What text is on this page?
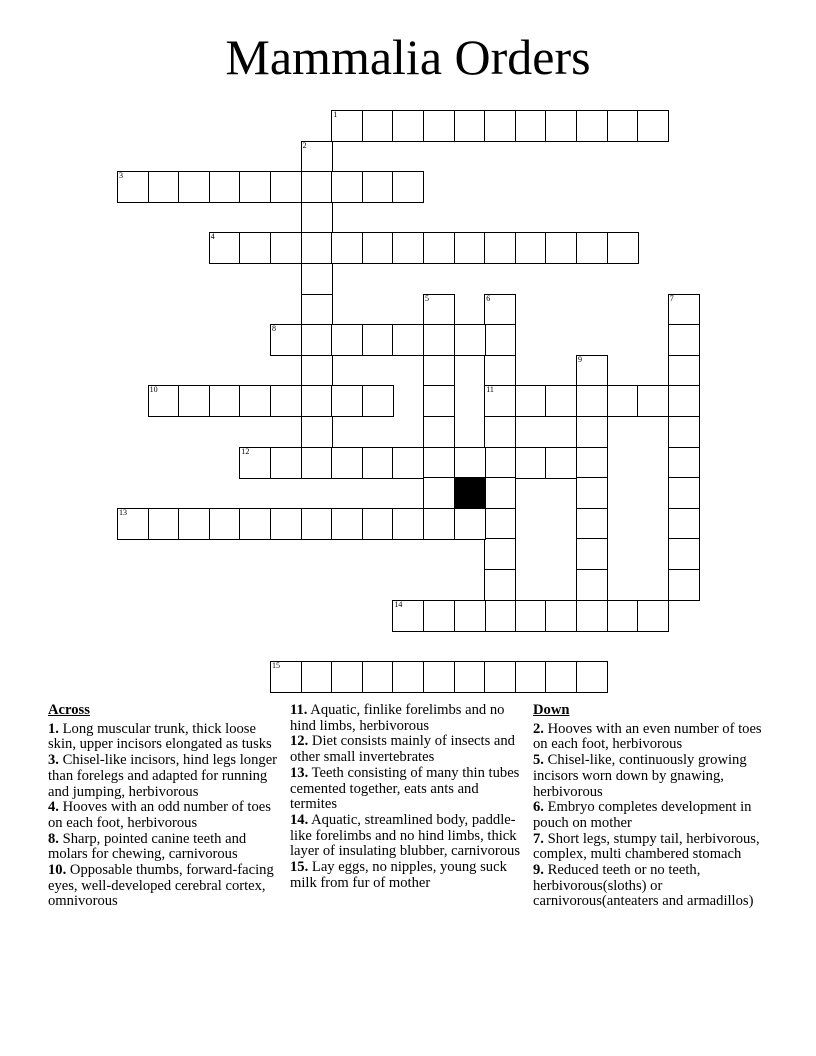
Mammalia Orders
1
2
3
4
5	6
11
7
8
9
10
12
13
14
15
Across

1. Long muscular trunk, thick loose skin, upper incisors elongated as tusks

3. Chisel-like incisors, hind legs longer than forelegs and adapted for running and jumping, herbivorous

4. Hooves with an odd number of toes on each foot, herbivorous

8. Sharp, pointed canine teeth and molars for chewing, carnivorous

10. Opposable thumbs, forward-facing eyes, well-developed cerebral cortex, omnivorous

11. Aquatic, finlike forelimbs and no hind limbs, herbivorous

12. Diet consists mainly of insects and other small invertebrates

13. Teeth consisting of many thin tubes cemented together, eats ants and termites

14. Aquatic, streamlined body, paddle-like forelimbs and no hind limbs, thick layer of insulating blubber, carnivorous

15. Lay eggs, no nipples, young suck milk from fur of mother

Down

2. Hooves with an even number of toes on each foot, herbivorous

5. Chisel-like, continuously growing incisors worn down by gnawing, herbivorous

6. Embryo completes development in pouch on mother

7. Short legs, stumpy tail, herbivorous, complex, multi chambered stomach

9. Reduced teeth or no teeth, herbivorous(sloths) or carnivorous(anteaters and armadillos)
